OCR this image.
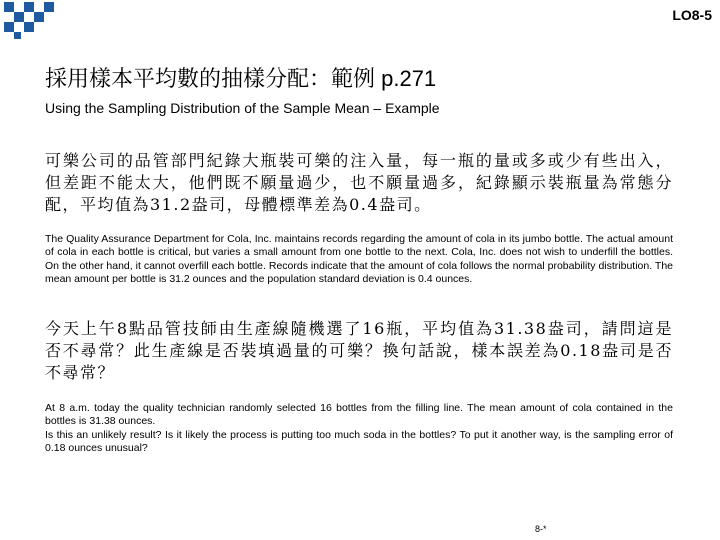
LO8-5
採用樣本平均數的抽樣分配：範例 p.271
Using the Sampling Distribution of the Sample Mean – Example
可樂公司的品管部門紀錄大瓶裝可樂的注入量，每一瓶的量或多或少有些出入，但差距不能太大，他們既不願量過少，也不願量過多，紀錄顯示裝瓶量為常態分配，平均值為31.2盎司，母體標準差為0.4盎司。
The Quality Assurance Department for Cola, Inc. maintains records regarding the amount of cola in its jumbo bottle. The actual amount of cola in each bottle is critical, but varies a small amount from one bottle to the next. Cola, Inc. does not wish to underfill the bottles. On the other hand, it cannot overfill each bottle. Records indicate that the amount of cola follows the normal probability distribution. The mean amount per bottle is 31.2 ounces and the population standard deviation is 0.4 ounces.
今天上午8點品管技師由生產線隨機選了16瓶，平均值為31.38盎司，請問這是否不尋常？此生產線是否裝填過量的可樂？換句話說，樣本誤差為0.18盎司是否不尋常？

At 8 a.m. today the quality technician randomly selected 16 bottles from the filling line. The mean amount of cola contained in the bottles is 31.38 ounces.

Is this an unlikely result? Is it likely the process is putting too much soda in the bottles? To put it another way, is the sampling error of 0.18 ounces unusual?

8-*
